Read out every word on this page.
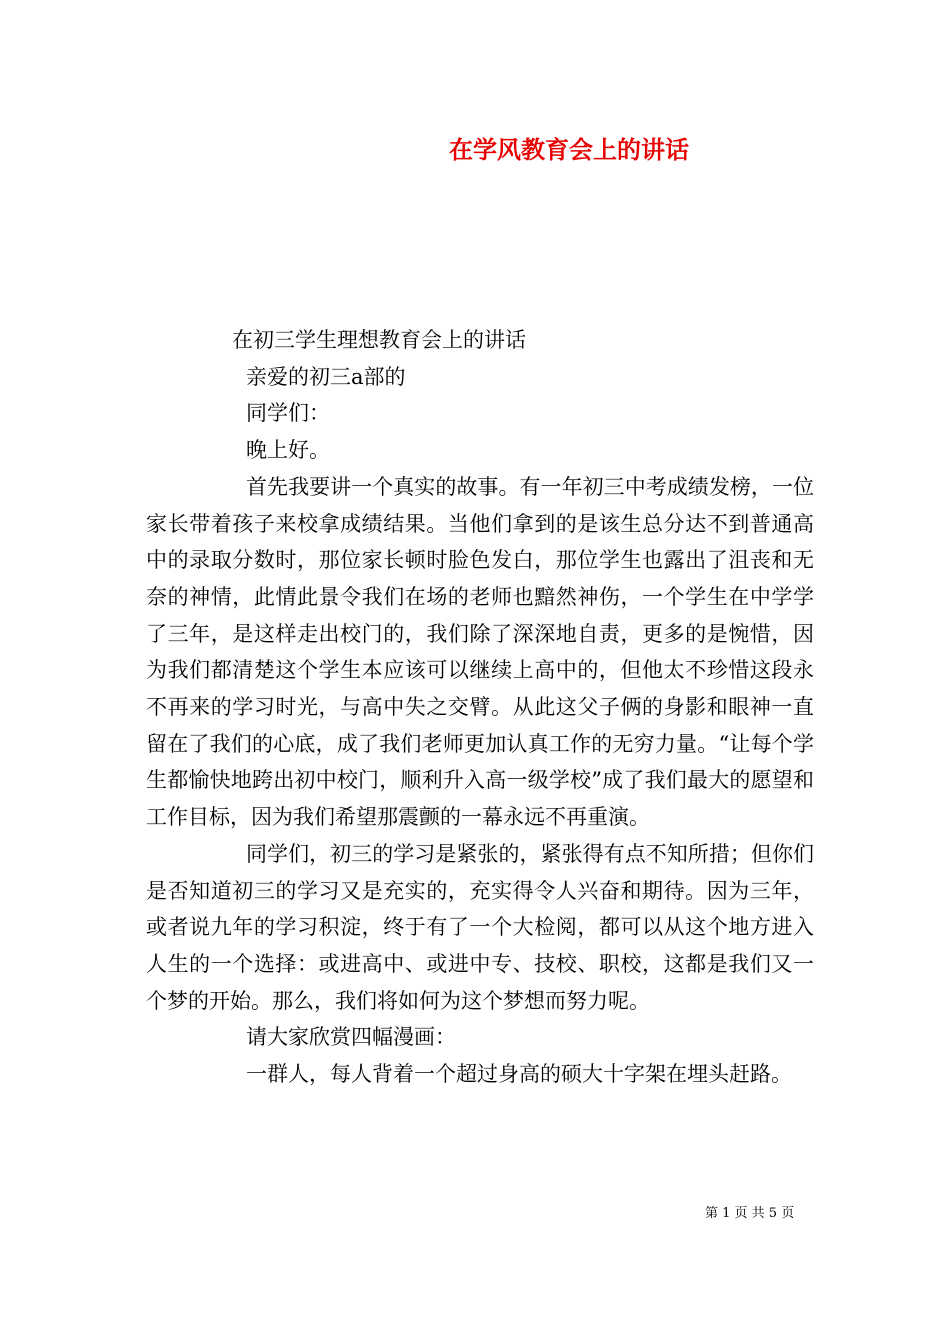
在学风教育会上的讲话

在初三学生理想教育会上的讲话

亲爱的初三a部的

同学们：

晚上好。

首先我要讲一个真实的故事。有一年初三中考成绩发榜，一位家长带着孩子来校拿成绩结果。当他们拿到的是该生总分达不到普通高中的录取分数时，那位家长顿时脸色发白，那位学生也露出了沮丧和无奈的神情，此情此景令我们在场的老师也黯然神伤，一个学生在中学学了三年，是这样走出校门的，我们除了深深地自责，更多的是惋惜，因为我们都清楚这个学生本应该可以继续上高中的，但他太不珍惜这段永不再来的学习时光，与高中失之交臂。从此这父子俩的身影和眼神一直留在了我们的心底，成了我们老师更加认真工作的无穷力量。“让每个学生都愉快地跨出初中校门，顺利升入高一级学校”成了我们最大的愿望和工作目标，因为我们希望那震颤的一幕永远不再重演。
同学们，初三的学习是紧张的，紧张得有点不知所措；但你们是否知道初三的学习又是充实的，充实得令人兴奋和期待。因为三年，或者说九年的学习积淀，终于有了一个大检阅，都可以从这个地方进入人生的一个选择：或进高中、或进中专、技校、职校，这都是我们又一个梦的开始。那么，我们将如何为这个梦想而努力呢。
请大家欣赏四幅漫画：
一群人，每人背着一个超过身高的硕大十字架在埋头赶路。
第 1 页 共 5 页
